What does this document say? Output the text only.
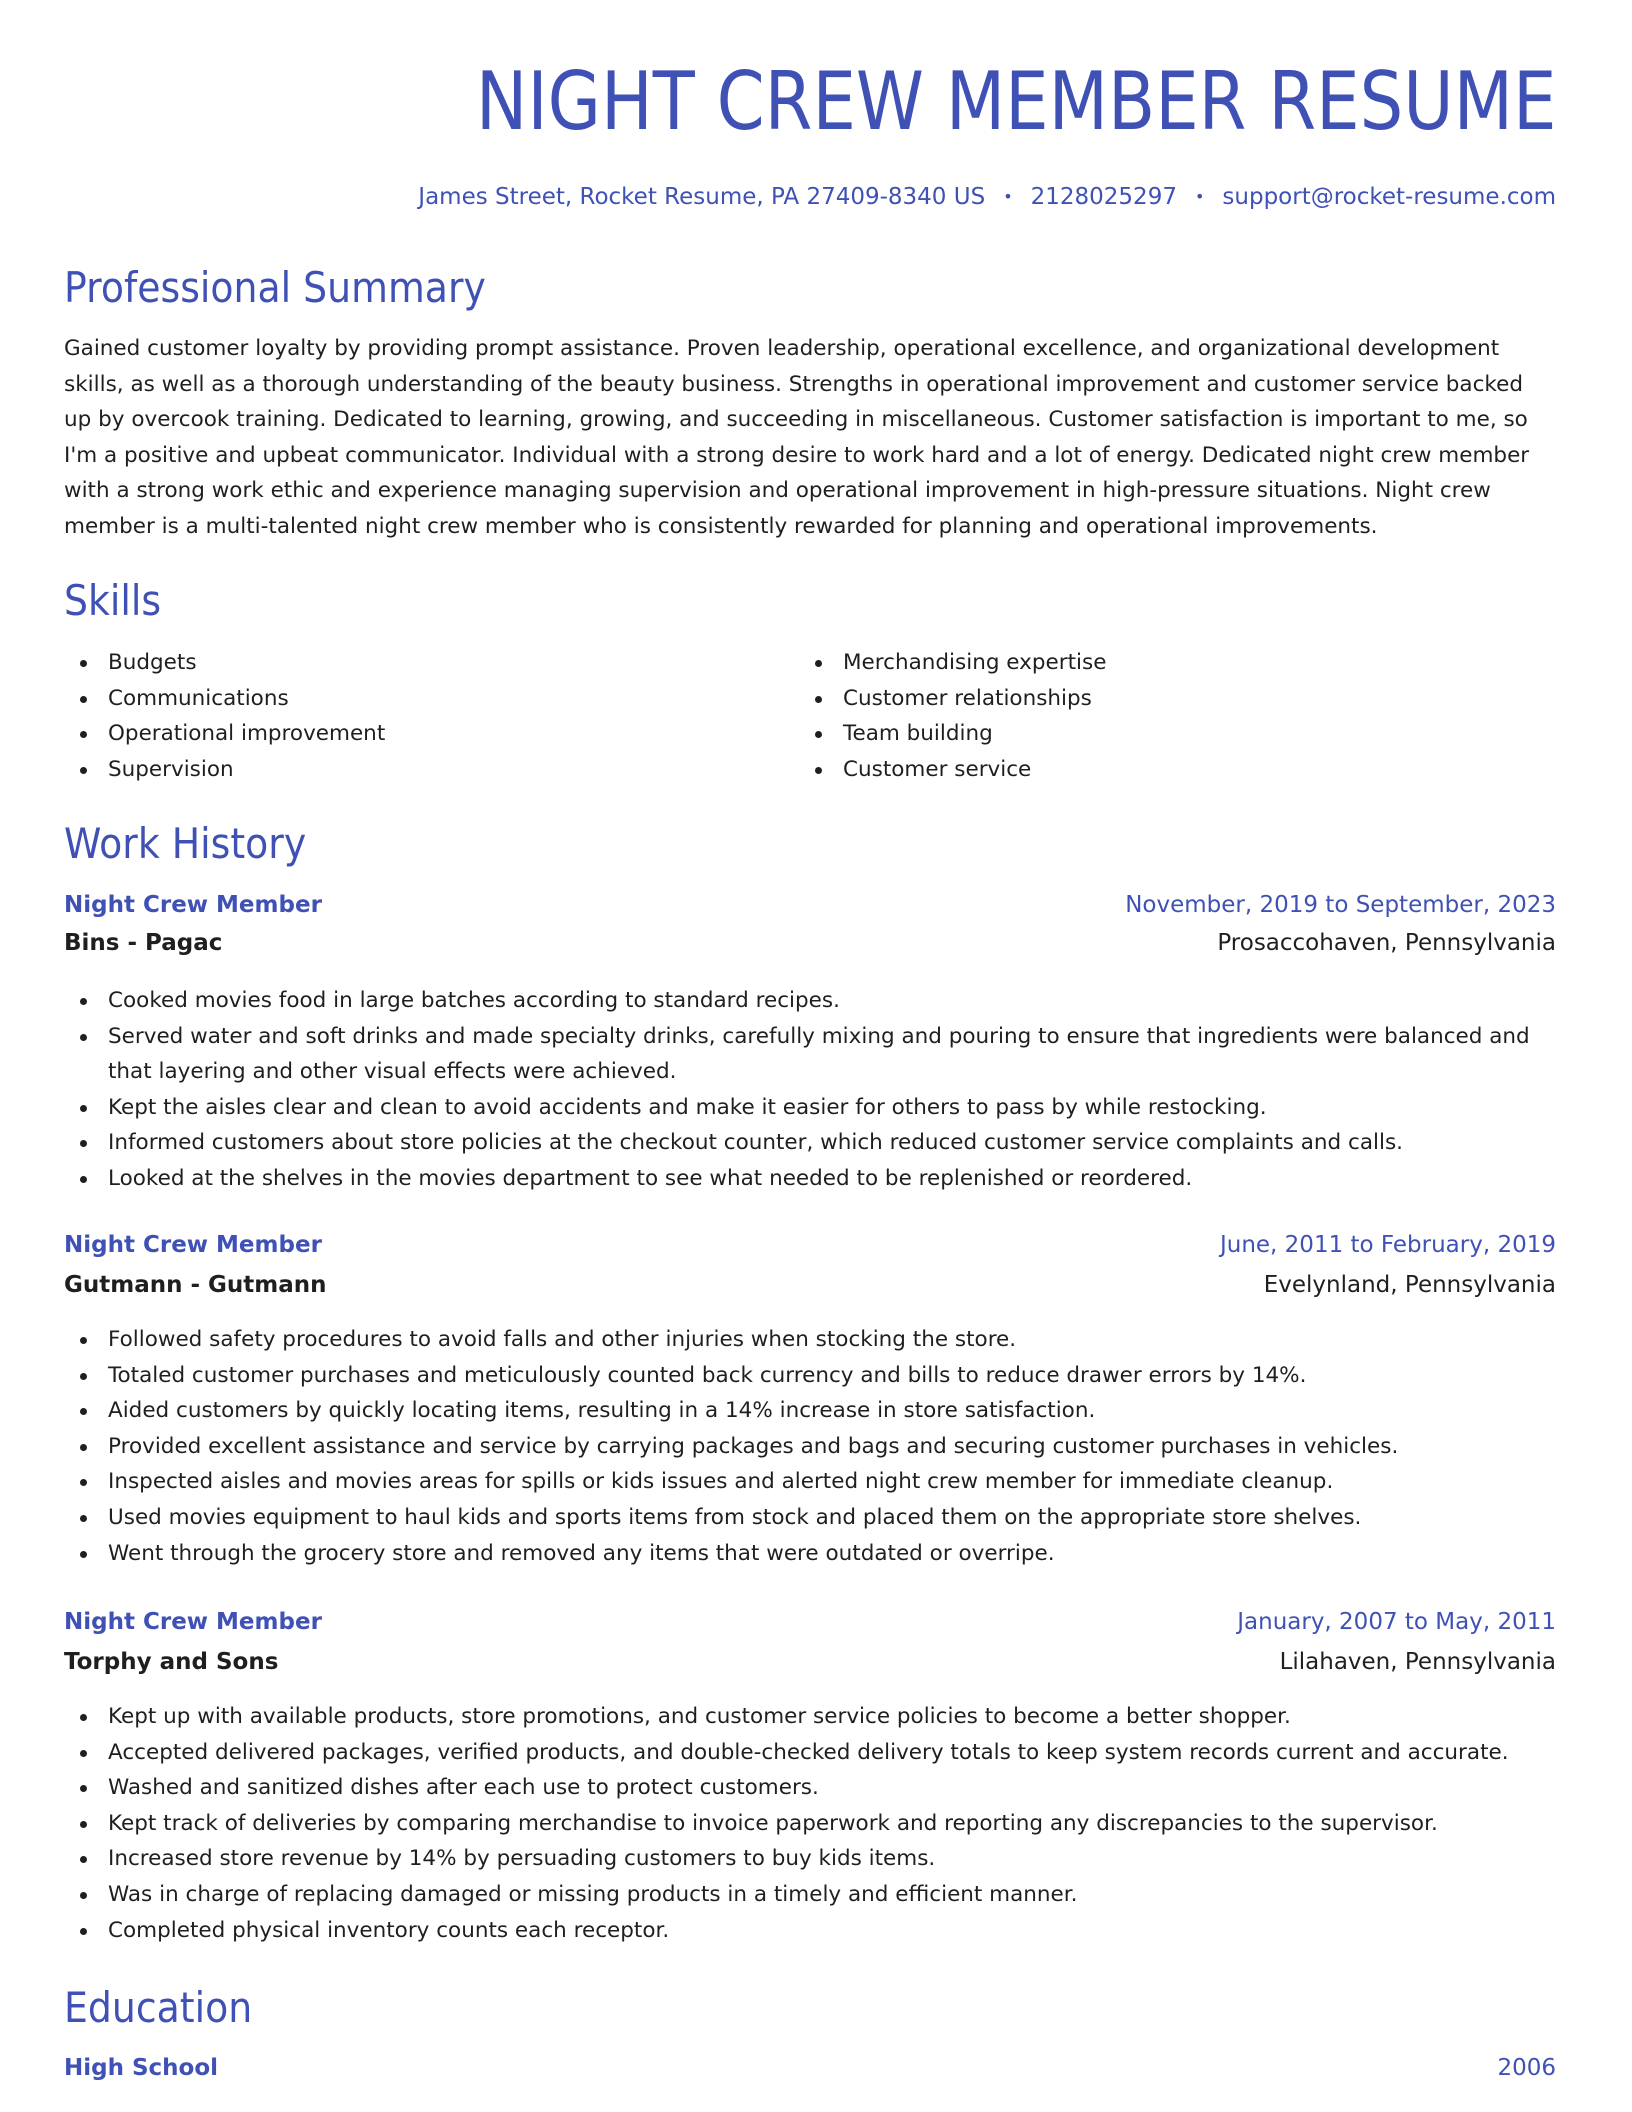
NIGHT CREW MEMBER RESUME
James Street, Rocket Resume, PA 27409-8340 US • 2128025297 • support@rocket-resume.com
Professional Summary

Gained customer loyalty by providing prompt assistance. Proven leadership, operational excellence, and organizational development skills, as well as a thorough understanding of the beauty business. Strengths in operational improvement and customer service backed up by overcook training. Dedicated to learning, growing, and succeeding in miscellaneous. Customer satisfaction is important to me, so I'm a positive and upbeat communicator. Individual with a strong desire to work hard and a lot of energy. Dedicated night crew member with a strong work ethic and experience managing supervision and operational improvement in high-pressure situations. Night crew member is a multi-talented night crew member who is consistently rewarded for planning and operational improvements.

Skills
Budgets
Communications
Operational improvement
Supervision
Merchandising expertise
Customer relationships
Team building
Customer service
Work History
Night Crew Member	November, 2019 to September, 2023
Bins - Pagac	Prosaccohaven, Pennsylvania
Cooked movies food in large batches according to standard recipes.
Served water and soft drinks and made specialty drinks, carefully mixing and pouring to ensure that ingredients were balanced and that layering and other visual effects were achieved.
Kept the aisles clear and clean to avoid accidents and make it easier for others to pass by while restocking.
Informed customers about store policies at the checkout counter, which reduced customer service complaints and calls.
Looked at the shelves in the movies department to see what needed to be replenished or reordered.
Night Crew Member	June, 2011 to February, 2019
Gutmann - Gutmann	Evelynland, Pennsylvania
Followed safety procedures to avoid falls and other injuries when stocking the store.
Totaled customer purchases and meticulously counted back currency and bills to reduce drawer errors by 14%.
Aided customers by quickly locating items, resulting in a 14% increase in store satisfaction.
Provided excellent assistance and service by carrying packages and bags and securing customer purchases in vehicles.
Inspected aisles and movies areas for spills or kids issues and alerted night crew member for immediate cleanup.
Used movies equipment to haul kids and sports items from stock and placed them on the appropriate store shelves.
Went through the grocery store and removed any items that were outdated or overripe.
Night Crew Member	January, 2007 to May, 2011
Torphy and Sons	Lilahaven, Pennsylvania
Kept up with available products, store promotions, and customer service policies to become a better shopper.
Accepted delivered packages, verified products, and double-checked delivery totals to keep system records current and accurate.
Washed and sanitized dishes after each use to protect customers.
Kept track of deliveries by comparing merchandise to invoice paperwork and reporting any discrepancies to the supervisor.
Increased store revenue by 14% by persuading customers to buy kids items.
Was in charge of replacing damaged or missing products in a timely and efficient manner.
Completed physical inventory counts each receptor.
Education
High School	2006
